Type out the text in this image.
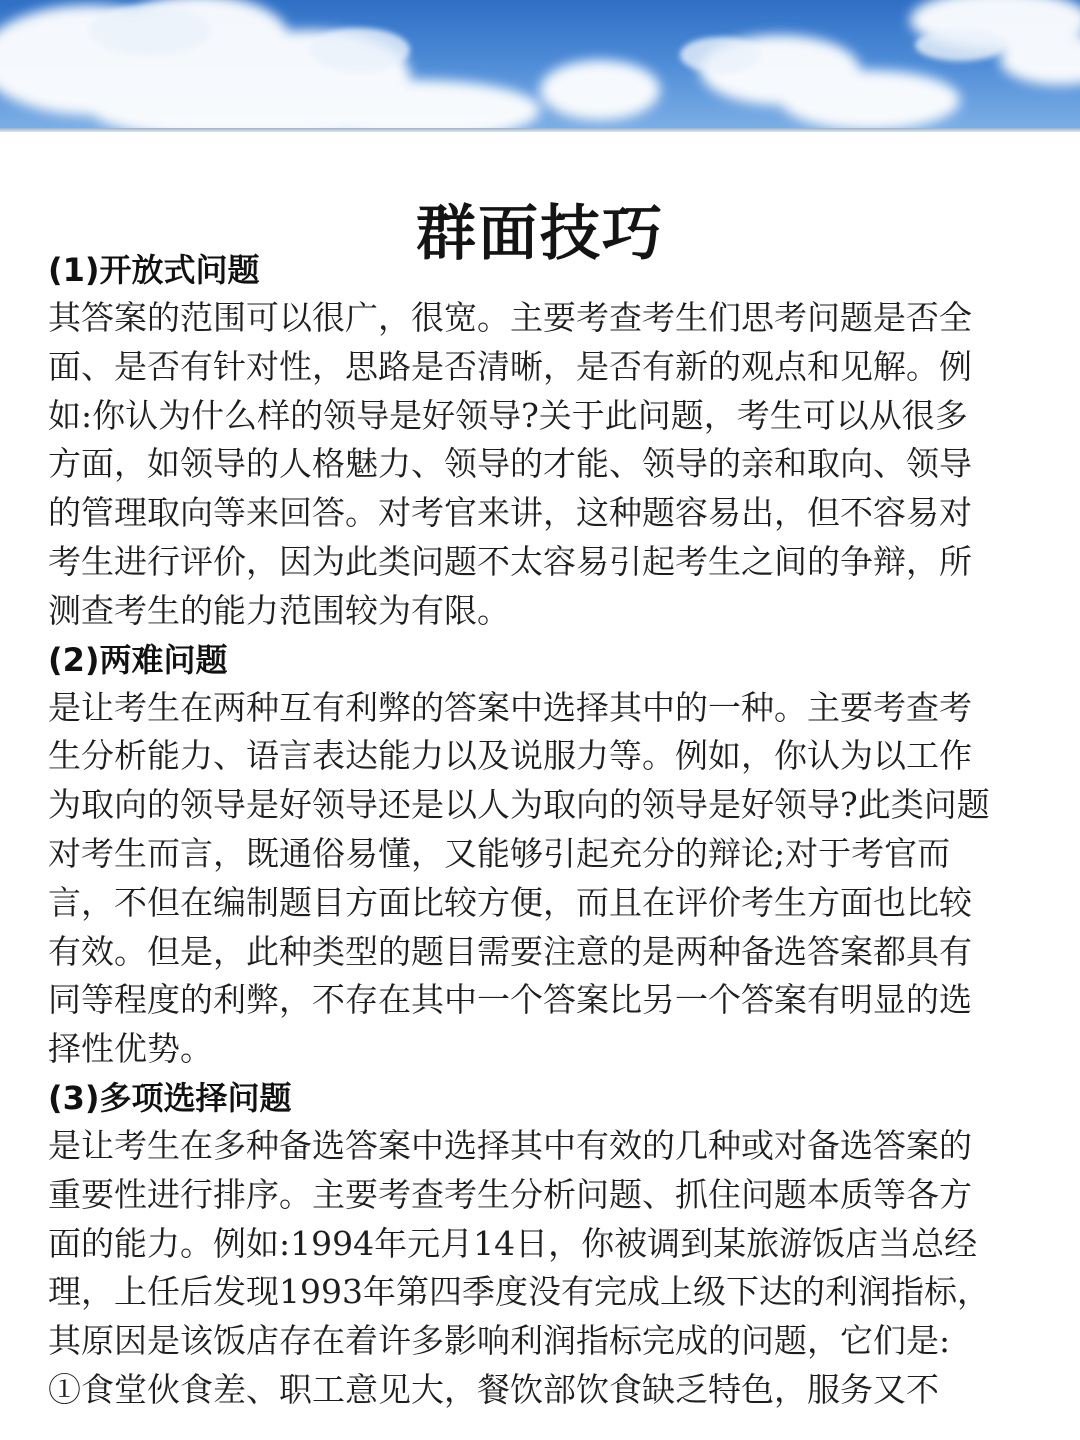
群面技巧

(1)开放式问题

其答案的范围可以很广，很宽。主要考查考生们思考问题是否全

面、是否有针对性，思路是否清晰，是否有新的观点和见解。例

如:你认为什么样的领导是好领导?关于此问题，考生可以从很多

方面，如领导的人格魅力、领导的才能、领导的亲和取向、领导

的管理取向等来回答。对考官来讲，这种题容易出，但不容易对

考生进行评价，因为此类问题不太容易引起考生之间的争辩，所

测查考生的能力范围较为有限。

(2)两难问题

是让考生在两种互有利弊的答案中选择其中的一种。主要考查考

生分析能力、语言表达能力以及说服力等。例如，你认为以工作

为取向的领导是好领导还是以人为取向的领导是好领导?此类问题

对考生而言，既通俗易懂，又能够引起充分的辩论;对于考官而

言，不但在编制题目方面比较方便，而且在评价考生方面也比较

有效。但是，此种类型的题目需要注意的是两种备选答案都具有

同等程度的利弊，不存在其中一个答案比另一个答案有明显的选

择性优势。

(3)多项选择问题

是让考生在多种备选答案中选择其中有效的几种或对备选答案的

重要性进行排序。主要考查考生分析问题、抓住问题本质等各方

面的能力。例如:1994年元月14日，你被调到某旅游饭店当总经

理，上任后发现1993年第四季度没有完成上级下达的利润指标，

其原因是该饭店存在着许多影响利润指标完成的问题，它们是:

①食堂伙食差、职工意见大，餐饮部饮食缺乏特色，服务又不
